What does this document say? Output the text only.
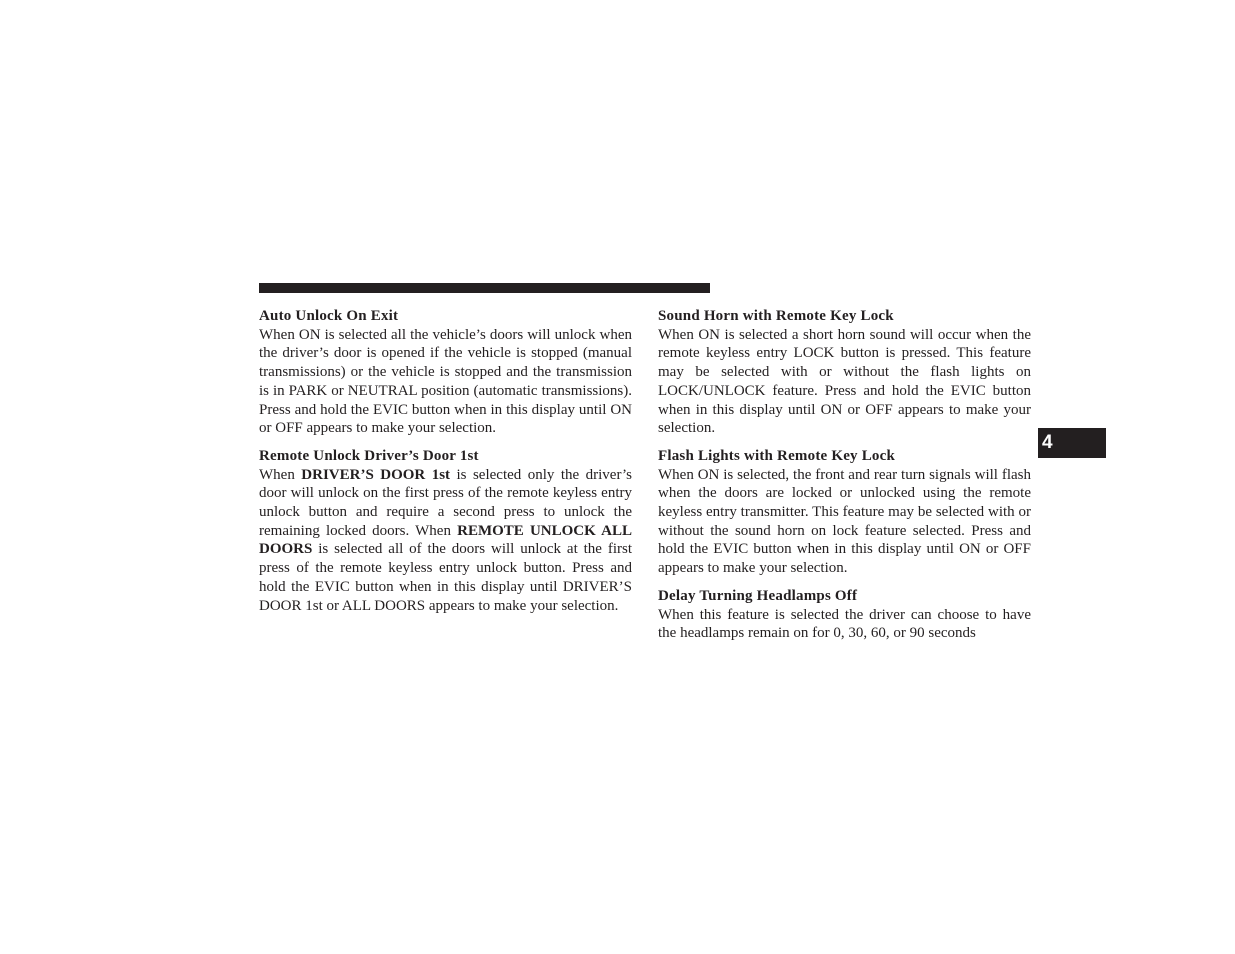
Auto Unlock On Exit

When ON is selected all the vehicle’s doors will unlock when the driver’s door is opened if the vehicle is stopped (manual transmissions) or the vehicle is stopped and the transmission is in PARK or NEUTRAL position (automatic transmissions). Press and hold the EVIC button when in this display until ON or OFF appears to make your selection.

Remote Unlock Driver’s Door 1st

When DRIVER’S DOOR 1st is selected only the driver’s door will unlock on the first press of the remote keyless entry unlock button and require a second press to unlock the remaining locked doors. When REMOTE UNLOCK ALL DOORS is selected all of the doors will unlock at the first press of the remote keyless entry unlock button. Press and hold the EVIC button when in this display until DRIVER’S DOOR 1st or ALL DOORS appears to make your selection.

Sound Horn with Remote Key Lock

When ON is selected a short horn sound will occur when the remote keyless entry LOCK button is pressed. This feature may be selected with or without the flash lights on LOCK/UNLOCK feature. Press and hold the EVIC button when in this display until ON or OFF appears to make your selection.

Flash Lights with Remote Key Lock

When ON is selected, the front and rear turn signals will flash when the doors are locked or unlocked using the remote keyless entry transmitter. This feature may be selected with or without the sound horn on lock feature selected. Press and hold the EVIC button when in this display until ON or OFF appears to make your selection.

Delay Turning Headlamps Off

When this feature is selected the driver can choose to have the headlamps remain on for 0, 30, 60, or 90 seconds

4
